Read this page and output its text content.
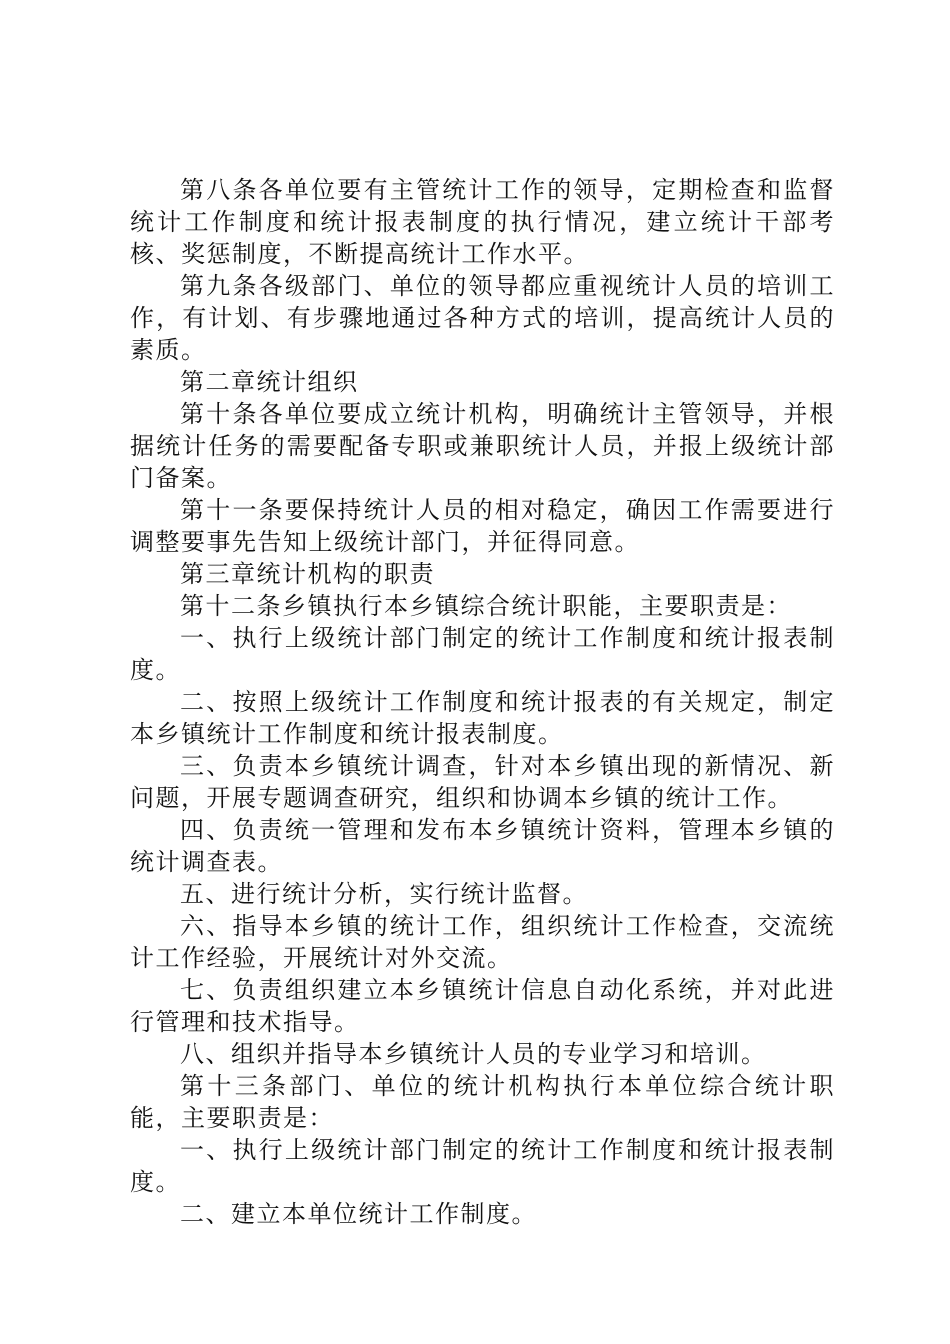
第八条各单位要有主管统计工作的领导，定期检查和监督统计工作制度和统计报表制度的执行情况，建立统计干部考核、奖惩制度，不断提高统计工作水平。

第九条各级部门、单位的领导都应重视统计人员的培训工作，有计划、有步骤地通过各种方式的培训，提高统计人员的素质。

第二章统计组织

第十条各单位要成立统计机构，明确统计主管领导，并根据统计任务的需要配备专职或兼职统计人员，并报上级统计部门备案。

第十一条要保持统计人员的相对稳定，确因工作需要进行调整要事先告知上级统计部门，并征得同意。

第三章统计机构的职责

第十二条乡镇执行本乡镇综合统计职能，主要职责是：

一、执行上级统计部门制定的统计工作制度和统计报表制度。

二、按照上级统计工作制度和统计报表的有关规定，制定本乡镇统计工作制度和统计报表制度。

三、负责本乡镇统计调查，针对本乡镇出现的新情况、新问题，开展专题调查研究，组织和协调本乡镇的统计工作。

四、负责统一管理和发布本乡镇统计资料，管理本乡镇的统计调查表。

五、进行统计分析，实行统计监督。

六、指导本乡镇的统计工作，组织统计工作检查，交流统计工作经验，开展统计对外交流。

七、负责组织建立本乡镇统计信息自动化系统，并对此进行管理和技术指导。

八、组织并指导本乡镇统计人员的专业学习和培训。

第十三条部门、单位的统计机构执行本单位综合统计职能，主要职责是：

一、执行上级统计部门制定的统计工作制度和统计报表制度。

二、建立本单位统计工作制度。
